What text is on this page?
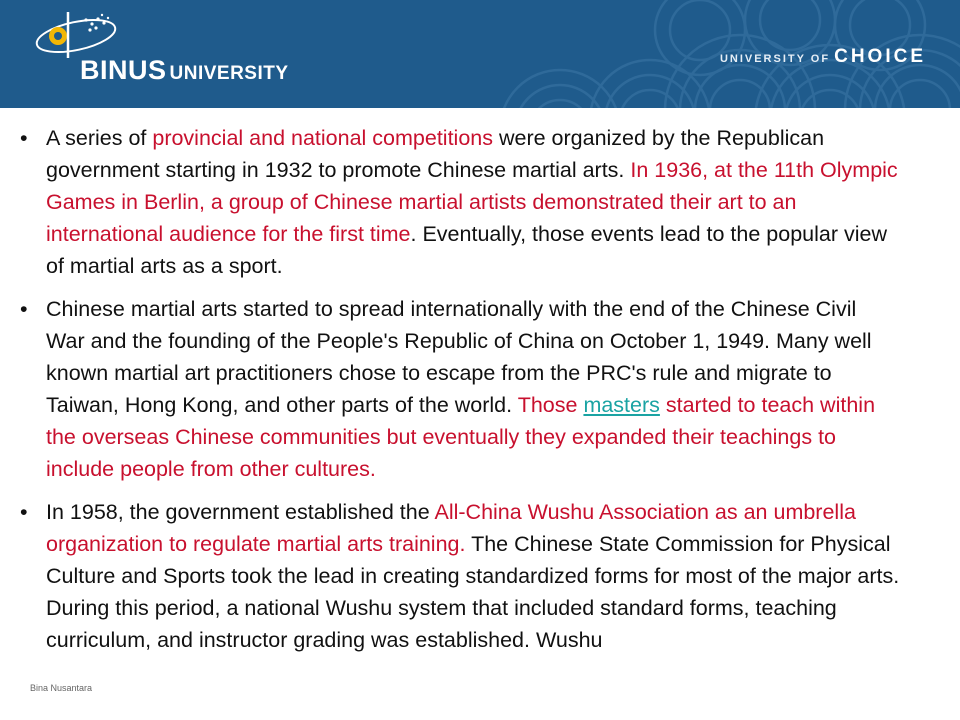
BINUS UNIVERSITY
UNIVERSITY OF CHOICE
• A series of provincial and national competitions were organized by the Republican government starting in 1932 to promote Chinese martial arts. In 1936, at the 11th Olympic Games in Berlin, a group of Chinese martial artists demonstrated their art to an international audience for the first time. Eventually, those events lead to the popular view of martial arts as a sport.
• Chinese martial arts started to spread internationally with the end of the Chinese Civil War and the founding of the People's Republic of China on October 1, 1949. Many well known martial art practitioners chose to escape from the PRC's rule and migrate to Taiwan, Hong Kong, and other parts of the world. Those masters started to teach within the overseas Chinese communities but eventually they expanded their teachings to include people from other cultures.
• In 1958, the government established the All-China Wushu Association as an umbrella organization to regulate martial arts training. The Chinese State Commission for Physical Culture and Sports took the lead in creating standardized forms for most of the major arts. During this period, a national Wushu system that included standard forms, teaching curriculum, and instructor grading was established. Wushu
Bina Nusantara
